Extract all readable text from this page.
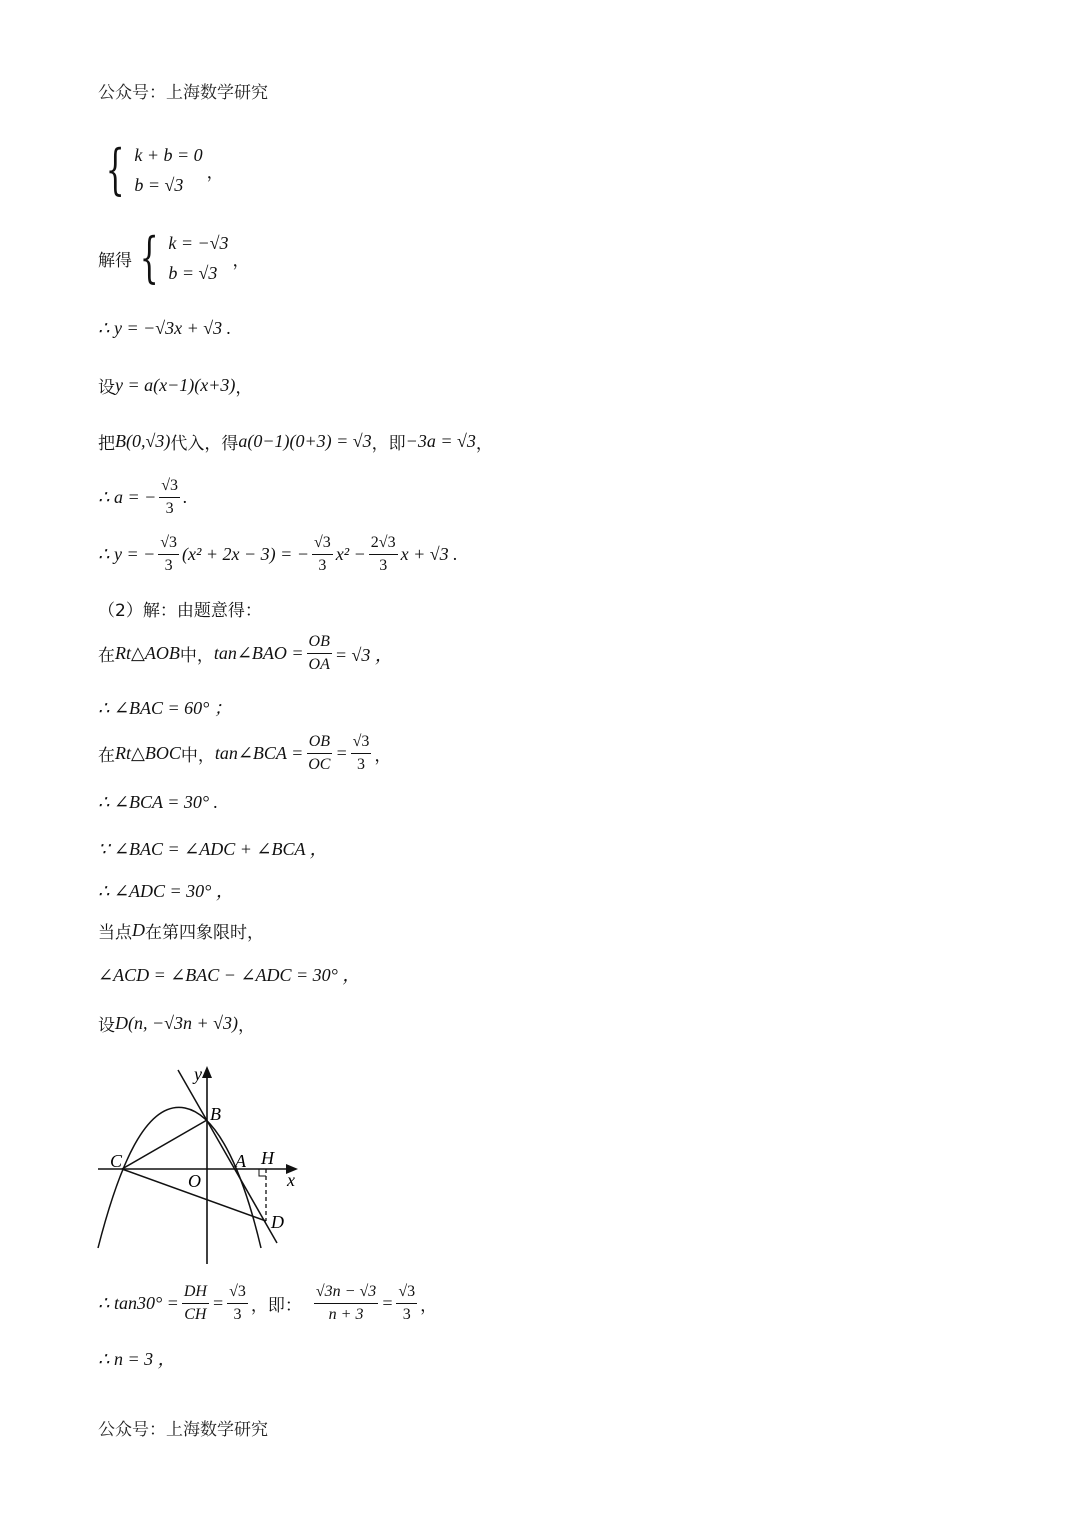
公众号：上海数学研究
{ k + b = 0
b = √3
，
解得 { k = −√3
b = √3
，
∴ y = −√3x + √3 .
设 y = a(x−1)(x+3) ，
把 B(0,√3) 代入，得 a(0−1)(0+3) = √3 ，即 −3a = √3 ，
∴ a = − $\frac{√3}{3}$ .
∴ y = − $\frac{√3}{3} (x^2 + 2x - 3)$ = − $\frac{√3}{3} x^2 - \frac{2√3}{3}$ x + √3 .
（2）解：由题意得：
在 Rt△AOB 中， tan∠BAO = $\frac{OB}{OA} = √3$ ，
∴ ∠BAC = 60° ；
在 Rt△BOC 中， tan∠BCA = $\frac{OB}{OC} = \frac{√3}{3}$ ，
∴ ∠BCA = 30° .
∵ ∠BAC = ∠ADC + ∠BCA ，
∴ ∠ADC = 30° ，
当点 D 在第四象限时，
∠ACD = ∠BAC − ∠ADC = 30° ，
设 D(n, −√3n + √3) ，
y
B
C
O
A H
x
D
∴ $\tan 30^\circ = \frac{DH}{CH} = \frac{√3}{3}$ ，即： $\frac{√3n - √3}{n + 3} = \frac{√3}{3}$ ，
∴ n = 3 ，
公众号：上海数学研究
